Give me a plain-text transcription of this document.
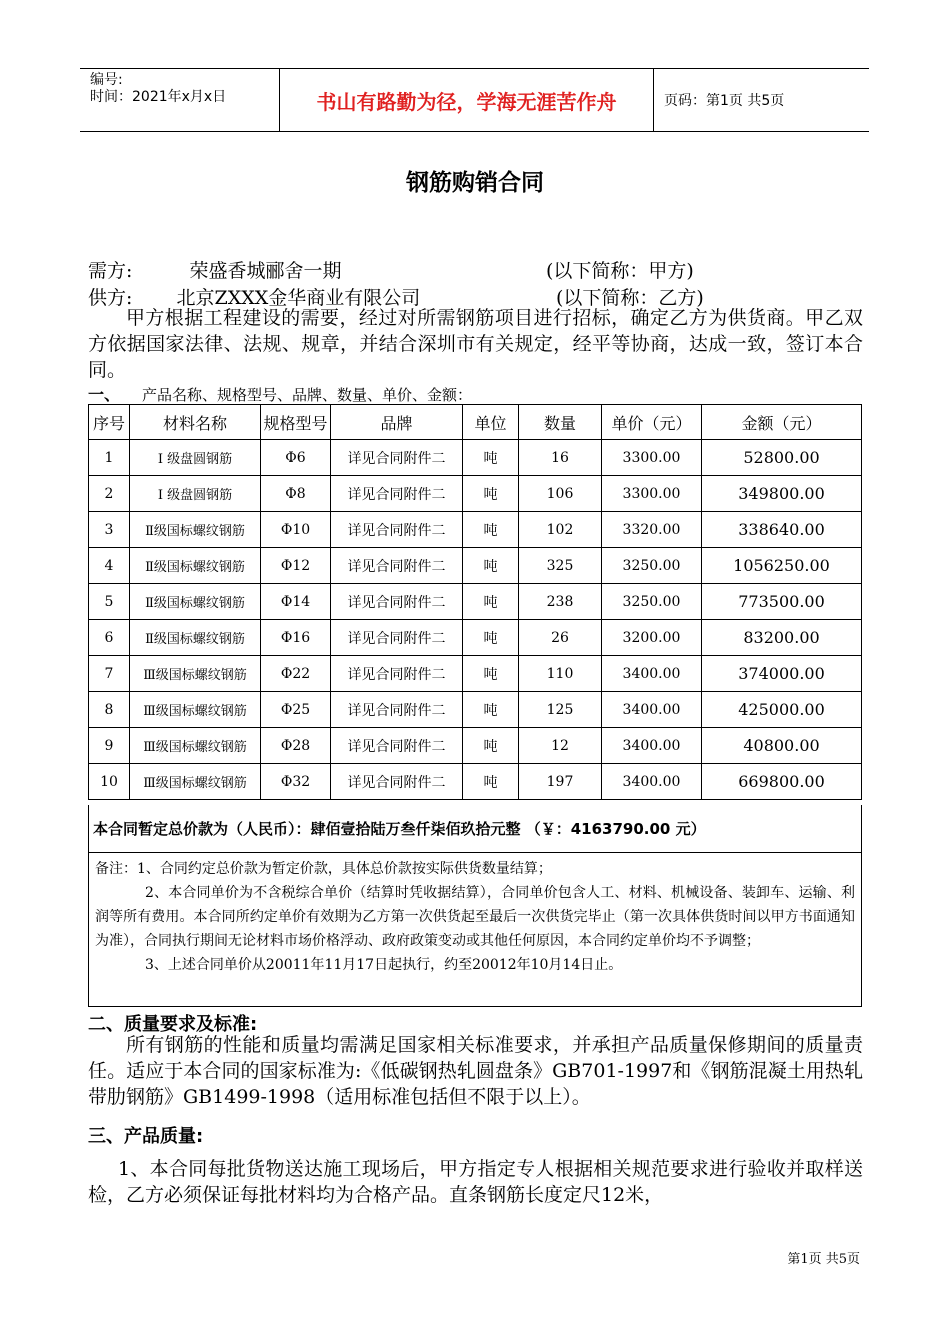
编号:
时间：2021年x月x日	书山有路勤为径，学海无涯苦作舟	页码：第1页 共5页
钢筋购销合同
需方:	荣盛香城郦舍一期	(以下简称：甲方)
供方: 北京ZXXX金华商业有限公司	(以下简称：乙方)
甲方根据工程建设的需要，经过对所需钢筋项目进行招标，确定乙方为供货商。甲乙双方依据国家法律、法规、规章，并结合深圳市有关规定，经平等协商，达成一致，签订本合同。
一、 产品名称、规格型号、品牌、数量、单价、金额：
序号	材料名称	规格型号	品牌	单位	数量	单价（元）	金额（元）
1	Ⅰ 级盘圆钢筋	Φ6	详见合同附件二	吨	16	3300.00	52800.00
2	Ⅰ 级盘圆钢筋	Φ8	详见合同附件二	吨	106	3300.00	349800.00
3	Ⅱ级国标螺纹钢筋	Φ10	详见合同附件二	吨	102	3320.00	338640.00
4	Ⅱ级国标螺纹钢筋	Φ12	详见合同附件二	吨	325	3250.00	1056250.00
5	Ⅱ级国标螺纹钢筋	Φ14	详见合同附件二	吨	238	3250.00	773500.00
6	Ⅱ级国标螺纹钢筋	Φ16	详见合同附件二	吨	26	3200.00	83200.00
7	Ⅲ级国标螺纹钢筋	Φ22	详见合同附件二	吨	110	3400.00	374000.00
8	Ⅲ级国标螺纹钢筋	Φ25	详见合同附件二	吨	125	3400.00	425000.00
9	Ⅲ级国标螺纹钢筋	Φ28	详见合同附件二	吨	12	3400.00	40800.00
10	Ⅲ级国标螺纹钢筋	Φ32	详见合同附件二	吨	197	3400.00	669800.00
本合同暂定总价款为（人民币）：肆佰壹拾陆万叁仟柒佰玖拾元整 （￥：4163790.00 元）

备注：1、合同约定总价款为暂定价款，具体总价款按实际供货数量结算；

2、本合同单价为不含税综合单价（结算时凭收据结算），合同单价包含人工、材料、机械设备、装卸车、运输、利润等所有费用。本合同所约定单价有效期为乙方第一次供货起至最后一次供货完毕止（第一次具体供货时间以甲方书面通知为准），合同执行期间无论材料市场价格浮动、政府政策变动或其他任何原因，本合同约定单价均不予调整；

3、上述合同单价从20011年11月17日起执行，约至20012年10月14日止。

二、质量要求及标准:
所有钢筋的性能和质量均需满足国家相关标准要求，并承担产品质量保修期间的质量责任。适应于本合同的国家标准为:《低碳钢热轧圆盘条》GB701-1997和《钢筋混凝土用热轧带肋钢筋》GB1499-1998（适用标准包括但不限于以上）。
三、产品质量:
1、本合同每批货物送达施工现场后，甲方指定专人根据相关规范要求进行验收并取样送检，乙方必须保证每批材料均为合格产品。直条钢筋长度定尺12米，
第1页 共5页
